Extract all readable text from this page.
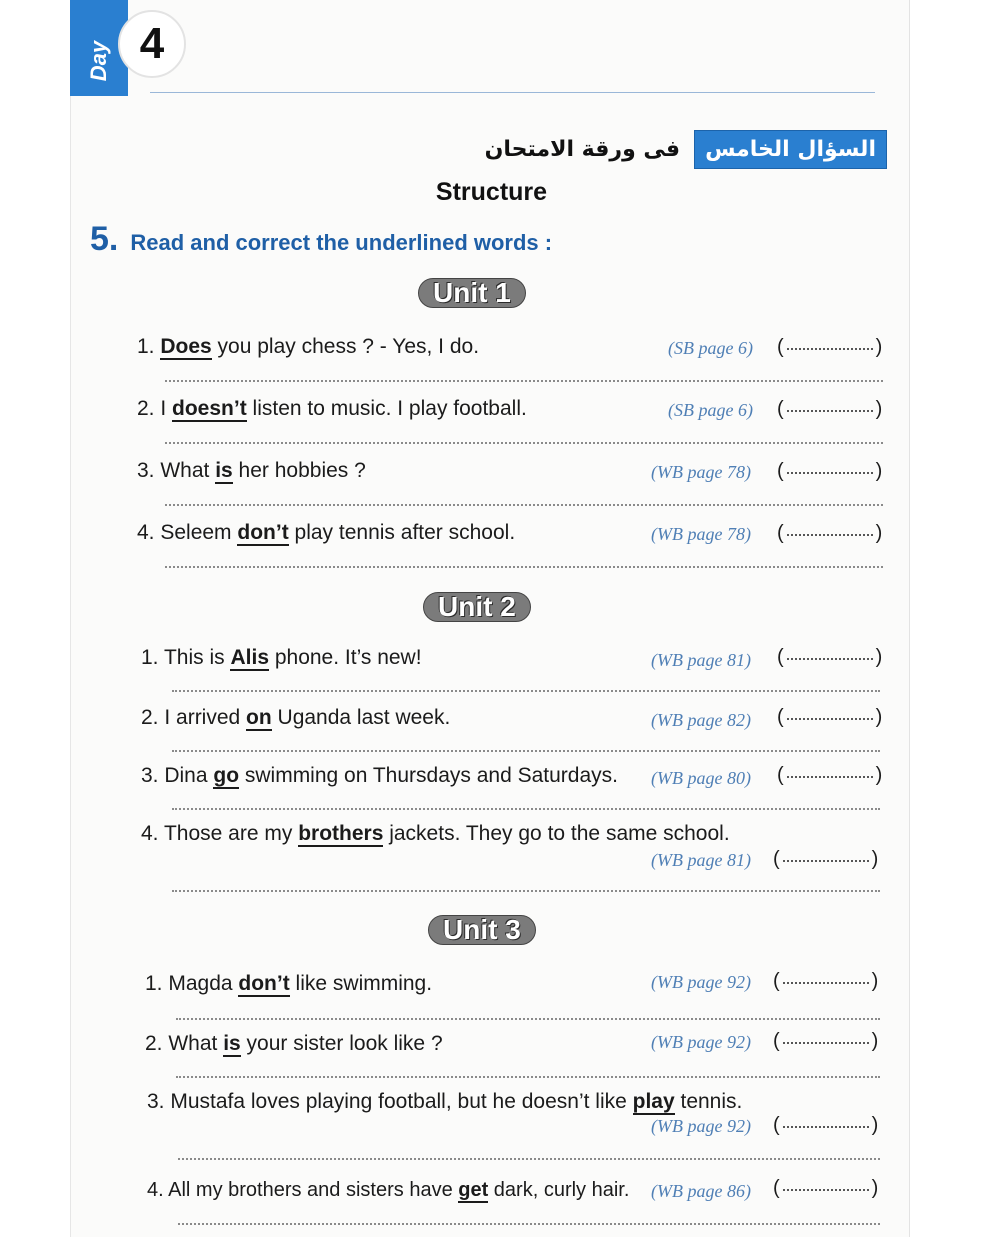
Day 4
السؤال الخامس
فى ورقة الامتحان
Structure
5. Read and correct the underlined words :
Unit 1
1. Does you play chess ? - Yes, I do.	(SB page 6) (	)
2. I doesn’t listen to music. I play football.	(SB page 6) (	)
3. What is her hobbies ?	(WB page 78) (	)
4. Seleem don’t play tennis after school.	(WB page 78) (	)
Unit 2
1. This is Alis phone. It’s new!	(WB page 81) (	)
2. I arrived on Uganda last week.	(WB page 82) (	)
3. Dina go swimming on Thursdays and Saturdays. (WB page 80) (	)
4. Those are my brothers jackets. They go to the same school.
(WB page 81) (	)
Unit 3
1. Magda don’t like swimming.	(WB page 92) (	)
2. What is your sister look like ?	(WB page 92) (	)
3. Mustafa loves playing football, but he doesn’t like play tennis.
(WB page 92) (	)
4. All my brothers and sisters have get dark, curly hair. (WB page 86) (	)
